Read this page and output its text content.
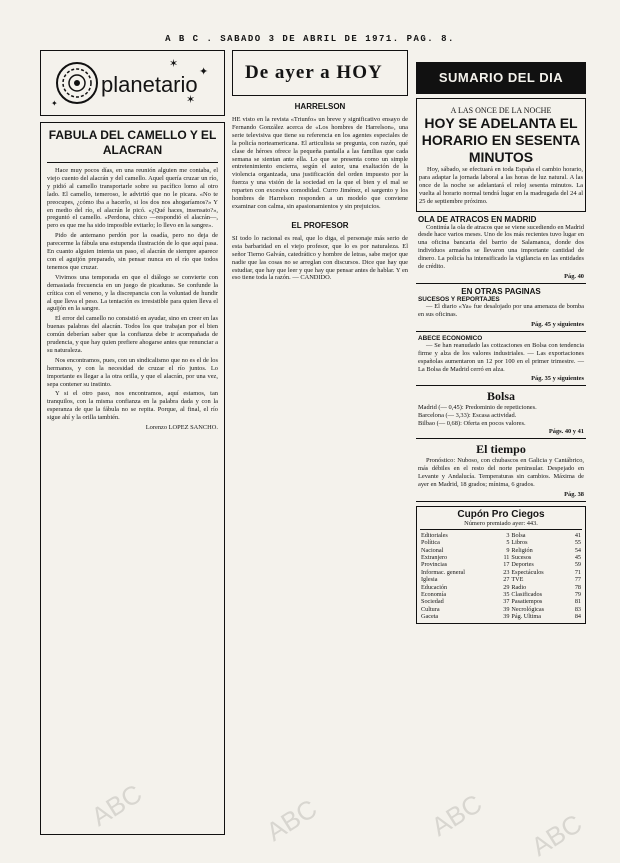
A B C . SABADO 3 DE ABRIL DE 1971. PAG. 8.
✶
✦
✶
✦
planetario
FABULA DEL CAMELLO Y EL ALACRAN

Hace muy pocos días, en una reunión alguien me contaba, el viejo cuento del alacrán y del camello. Aquel quería cruzar un río, y pidió al camello transportarle sobre su pacífico lomo al otro lado. El camello, temeroso, le advirtió que no le picara. «No te preocupes, ¿cómo iba a hacerlo, si los dos nos ahogaríamos?» Y en medio del río, el alacrán le picó. «¿Qué haces, insensato?», preguntó el camello. «Perdona, chico —respondió el alacrán—, pero es que me ha sido imposible evitarlo; lo llevo en la sangre».

Pido de antemano perdón por la osadía, pero no deja de parecerme la fábula una estupenda ilustración de lo que aquí pasa. En cuanto alguien intenta un paso, el alacrán de siempre aparece con el aguijón preparado, sin pensar nunca en el río que todos tenemos que cruzar.

Vivimos una temporada en que el diálogo se convierte con demasiada frecuencia en un juego de picaduras. Se confunde la crítica con el veneno, y la discrepancia con la voluntad de hundir al que lleva el peso. La tentación es irresistible para quien lleva el aguijón en la sangre.

El error del camello no consistió en ayudar, sino en creer en las buenas palabras del alacrán. Todos los que trabajan por el bien común deberían saber que la confianza debe ir acompañada de prudencia, y que hay quien prefiere ahogarse antes que renunciar a su naturaleza.

Nos encontramos, pues, con un sindicalismo que no es el de los hermanos, y con la necesidad de cruzar el río juntos. Lo importante es llegar a la otra orilla, y que el alacrán, por una vez, sepa contener su instinto.

Y si el otro paso, nos encontramos, aquí estamos, tan tranquilos, con la misma confianza en la palabra dada y con la esperanza de que la fábula no se repita. Porque, al final, el río sigue ahí y la orilla también.

Lorenzo LOPEZ SANCHO.

De ayer a HOY
HARRELSON

HE visto en la revista «Triunfo» un breve y significativo ensayo de Fernando González acerca de «Los hombres de Harrelson», una serie televisiva que tiene su referencia en los agentes especiales de la policía norteamericana. El articulista se pregunta, con razón, qué clase de héroes ofrece la pequeña pantalla a las familias que cada semana se sientan ante ella. Lo que se presenta como un simple entretenimiento encierra, según el autor, una exaltación de la violencia organizada, una justificación del orden impuesto por la fuerza y una visión de la sociedad en la que el bien y el mal se reparten con excesiva comodidad. Curro Jiménez, el sargento y los hombres de Harrelson responden a un modelo que conviene examinar con calma, sin apasionamientos y sin prejuicios.

EL PROFESOR

SI todo lo racional es real, que lo diga, el personaje más serio de esta barbaridad en el viejo profesor, que lo es por naturaleza. El señor Tierno Galván, catedrático y hombre de letras, sabe mejor que nadie que las cosas no se arreglan con discursos. Dice que hay que estudiar, que hay que leer y que hay que pensar antes de hablar. Y en eso tiene toda la razón. — CANDIDO.

SUMARIO DEL DIA
A LAS ONCE DE LA NOCHE
HOY SE ADELANTA EL HORARIO EN SESENTA MINUTOS

Hoy, sábado, se efectuará en toda España el cambio horario, para adaptar la jornada laboral a las horas de luz natural. A las once de la noche se adelantará el reloj sesenta minutos. La vuelta al horario normal tendrá lugar en la madrugada del 24 al 25 de septiembre próximo.

OLA DE ATRACOS EN MADRID

Continúa la ola de atracos que se viene sucediendo en Madrid desde hace varios meses. Uno de los más recientes tuvo lugar en una oficina bancaria del barrio de Salamanca, donde dos individuos armados se llevaron una importante cantidad de dinero. La policía ha intensificado la vigilancia en las entidades de crédito.

Pág. 40
EN OTRAS PAGINAS
SUCESOS Y REPORTAJES

— El diario «Ya» fue desalojado por una amenaza de bomba en sus oficinas.

Pág. 45 y siguientes
ABECE ECONOMICO

— Se han reanudado las cotizaciones en Bolsa con tendencia firme y alza de los valores industriales. — Las exportaciones españolas aumentaron un 12 por 100 en el primer trimestre. — La Bolsa de Madrid cerró en alza.

Pág. 35 y siguientes
Bolsa

Madrid (— 0,45): Predominio de repeticiones.

Barcelona (— 3,33): Escasa actividad.

Bilbao (— 0,68): Oferta en pocos valores.

Págs. 40 y 41
El tiempo

Pronóstico: Nuboso, con chubascos en Galicia y Cantábrico, más débiles en el resto del norte peninsular. Despejado en Levante y Andalucía. Temperaturas sin cambios. Máxima de ayer en Madrid, 18 grados; mínima, 6 grados.

Pág. 38
Cupón Pro Ciegos
Número premiado ayer: 443.
Editoriales	3	Bolsa	41
Política	5	Libros	55
Nacional	9	Religión	54
Extranjero	11	Sucesos	45
Provincias	17	Deportes	59
Informac. general	23	Espectáculos	71
Iglesia	27	TVE	77
Educación	29	Radio	78
Economía	35	Clasificados	79
Sociedad	37	Pasatiempos	81
Cultura	39	Necrológicas	83
Gaceta	39	Pág. Ultima	84
ABC	ABC	ABC ABC
